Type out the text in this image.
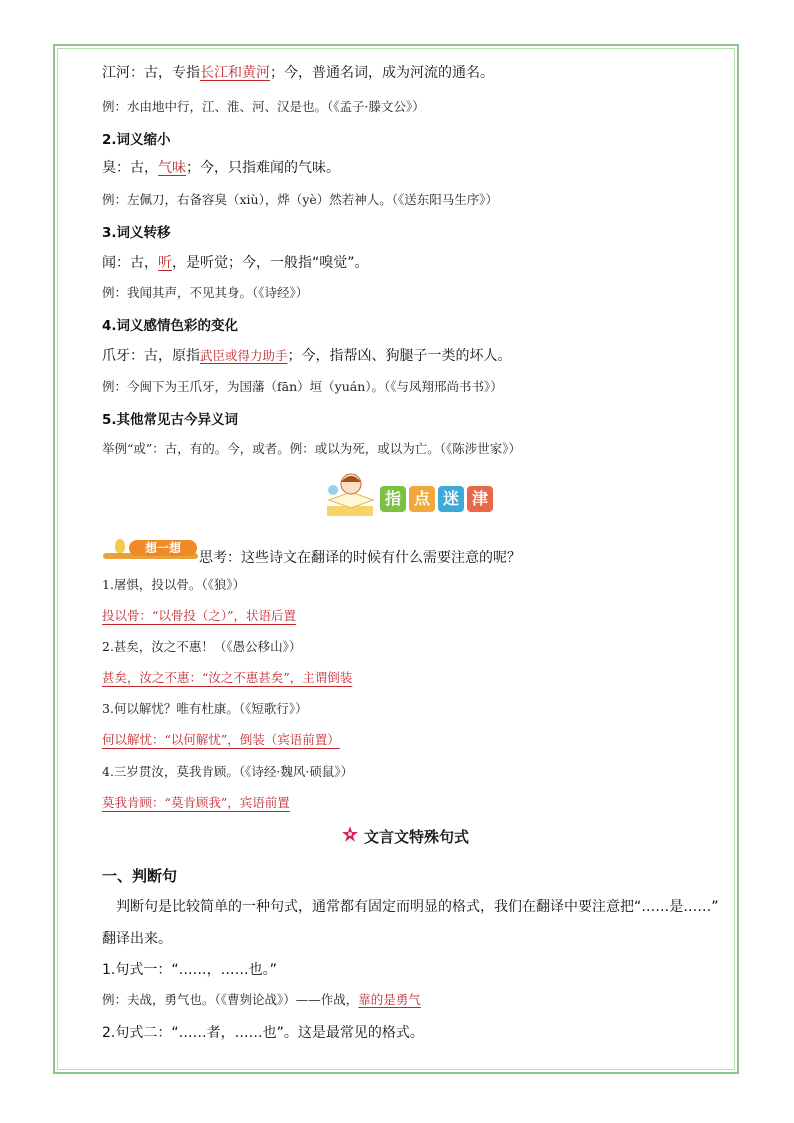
江河：古，专指长江和黄河；今，普通名词，成为河流的通名。
例：水由地中行，江、淮、河、汉是也。（《孟子·滕文公》）
2.词义缩小
臭：古，气味；今，只指难闻的气味。
例：左佩刀，右备容臭（xiù），烨（yè）然若神人。（《送东阳马生序》）
3.词义转移
闻：古，听，是听觉；今，一般指“嗅觉”。
例：我闻其声，不见其身。（《诗经》）
4.词义感情色彩的变化
爪牙：古，原指武臣或得力助手；今，指帮凶、狗腿子一类的坏人。
例：今闽下为王爪牙，为国藩（fān）垣（yuán）。（《与凤翔邢尚书书》）
5.其他常见古今异义词
举例“或”：古，有的。今，或者。例：或以为死，或以为亡。（《陈涉世家》）
指 点 迷 津
想一想
思考：这些诗文在翻译的时候有什么需要注意的呢？
1.屠惧，投以骨。（《狼》）
投以骨：“以骨投（之）”，状语后置
2.甚矣，汝之不惠！（《愚公移山》）
甚矣，汝之不惠：“汝之不惠甚矣”，主谓倒装
3.何以解忧？唯有杜康。（《短歌行》）
何以解忧：“以何解忧”，倒装（宾语前置）
4.三岁贯汝，莫我肯顾。（《诗经·魏风·硕鼠》）
莫我肯顾：“莫肯顾我”，宾语前置
文言文特殊句式
一、判断句
判断句是比较简单的一种句式，通常都有固定而明显的格式，我们在翻译中要注意把“……是……”
翻译出来。
1.句式一：“……，……也。”
例：夫战，勇气也。（《曹刿论战》）——作战，靠的是勇气
2.句式二：“……者，……也”。这是最常见的格式。
